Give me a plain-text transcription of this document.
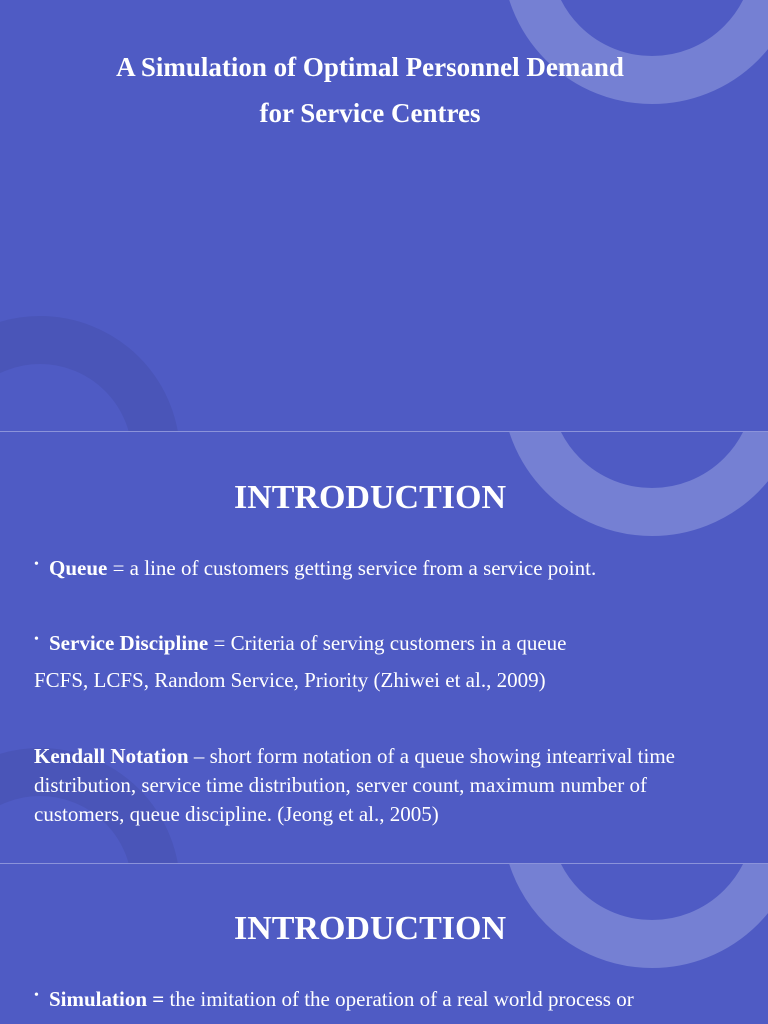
A Simulation of Optimal Personnel Demand
for Service Centres
INTRODUCTION
• Queue = a line of customers getting service from a service point.
• Service Discipline = Criteria of serving customers in a queue
FCFS, LCFS, Random Service, Priority (Zhiwei et al., 2009)
Kendall Notation – short form notation of a queue showing intearrival time distribution, service time distribution, server count, maximum number of customers, queue discipline. (Jeong et al., 2005)
INTRODUCTION
• Simulation = the imitation of the operation of a real world process or
